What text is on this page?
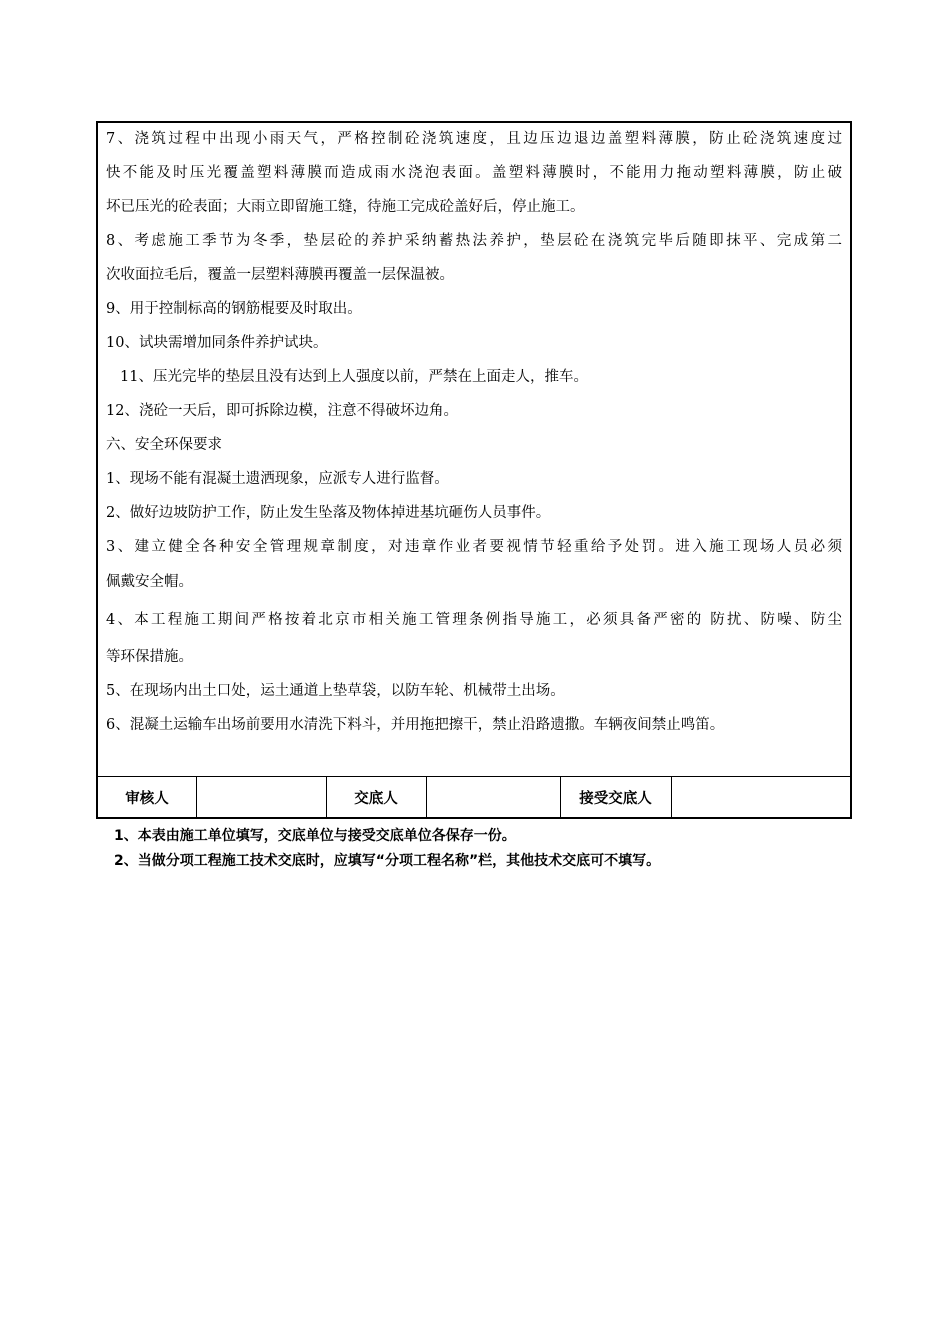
7、浇筑过程中出现小雨天气，严格控制砼浇筑速度，且边压边退边盖塑料薄膜，防止砼浇筑速度过
快不能及时压光覆盖塑料薄膜而造成雨水浇泡表面。盖塑料薄膜时，不能用力拖动塑料薄膜，防止破
坏已压光的砼表面；大雨立即留施工缝，待施工完成砼盖好后，停止施工。
8、考虑施工季节为冬季，垫层砼的养护采纳蓄热法养护，垫层砼在浇筑完毕后随即抹平、完成第二
次收面拉毛后，覆盖一层塑料薄膜再覆盖一层保温被。
9、用于控制标高的钢筋棍要及时取出。
10、试块需增加同条件养护试块。
11、压光完毕的垫层且没有达到上人强度以前，严禁在上面走人，推车。
12、浇砼一天后，即可拆除边模，注意不得破坏边角。
六、安全环保要求
1、现场不能有混凝土遗洒现象，应派专人进行监督。
2、做好边坡防护工作，防止发生坠落及物体掉进基坑砸伤人员事件。
3、建立健全各种安全管理规章制度，对违章作业者要视情节轻重给予处罚。进入施工现场人员必须
佩戴安全帽。
4、本工程施工期间严格按着北京市相关施工管理条例指导施工，必须具备严密的 防扰、防噪、防尘
等环保措施。
5、在现场内出土口处，运土通道上垫草袋，以防车轮、机械带土出场。
6、混凝土运输车出场前要用水清洗下料斗，并用拖把擦干，禁止沿路遗撒。车辆夜间禁止鸣笛。
审核人	交底人	接受交底人
1、本表由施工单位填写，交底单位与接受交底单位各保存一份。
2、当做分项工程施工技术交底时，应填写“分项工程名称”栏，其他技术交底可不填写。
